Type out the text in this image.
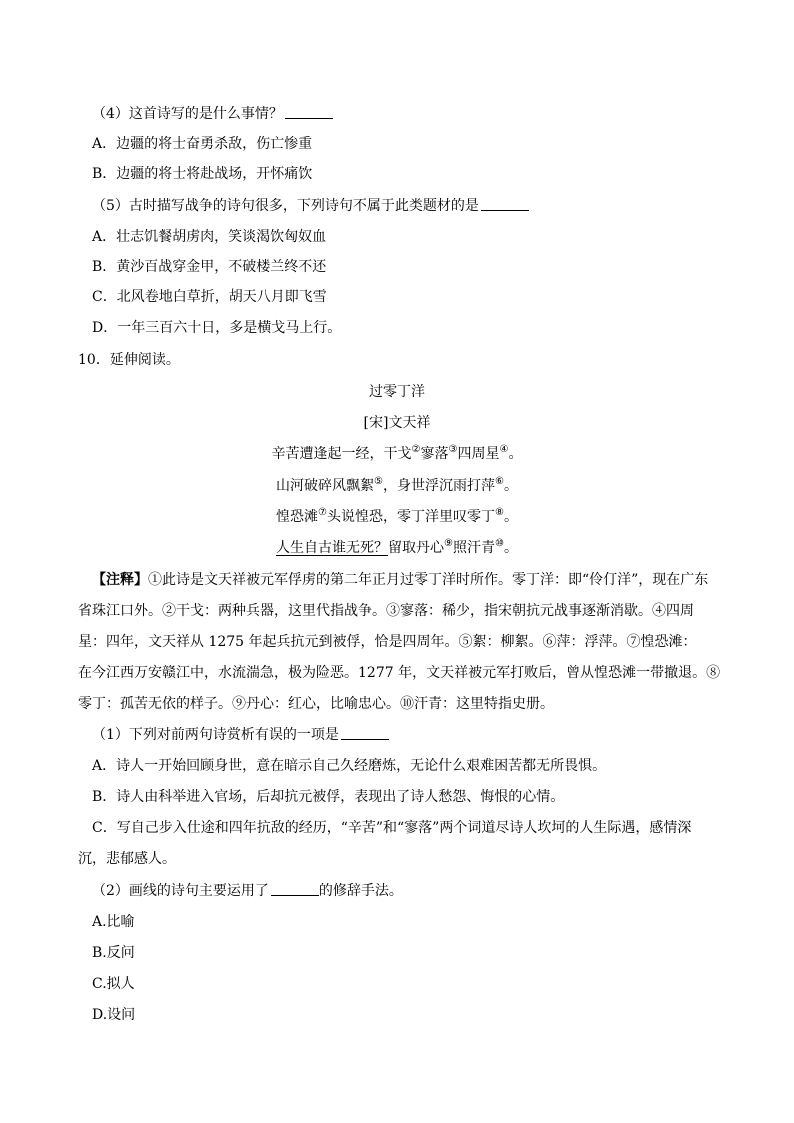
（4）这首诗写的是什么事情？
A．边疆的将士奋勇杀敌，伤亡惨重
B．边疆的将士将赴战场，开怀痛饮
（5）古时描写战争的诗句很多，下列诗句不属于此类题材的是
A．壮志饥餐胡虏肉，笑谈渴饮匈奴血
B．黄沙百战穿金甲，不破楼兰终不还
C．北风卷地白草折，胡天八月即飞雪
D．一年三百六十日，多是横戈马上行。
10．延伸阅读。
过零丁洋
[宋]文天祥
辛苦遭逢起一经，干戈②寥落③四周星④。
山河破碎风飘絮⑤，身世浮沉雨打萍⑥。
惶恐滩⑦头说惶恐，零丁洋里叹零丁⑧。
人生自古谁无死？留取丹心⑨照汗青⑩。
【注释】①此诗是文天祥被元军俘虏的第二年正月过零丁洋时所作。零丁洋：即“伶仃洋”，现在广东
省珠江口外。②干戈：两种兵器，这里代指战争。③寥落：稀少，指宋朝抗元战事逐渐消歇。④四周
星：四年，文天祥从 1275 年起兵抗元到被俘，恰是四周年。⑤絮：柳絮。⑥萍：浮萍。⑦惶恐滩：
在今江西万安赣江中，水流湍急，极为险恶。1277 年，文天祥被元军打败后，曾从惶恐滩一带撤退。⑧
零丁：孤苦无依的样子。⑨丹心：红心，比喻忠心。⑩汗青：这里特指史册。
（1）下列对前两句诗赏析有误的一项是
A．诗人一开始回顾身世，意在暗示自己久经磨炼，无论什么艰难困苦都无所畏惧。
B．诗人由科举进入官场，后却抗元被俘，表现出了诗人愁怨、悔恨的心情。
C．写自己步入仕途和四年抗敌的经历，“辛苦”和“寥落”两个词道尽诗人坎坷的人生际遇，感情深
沉，悲郁感人。
（2）画线的诗句主要运用了	的修辞手法。
A.比喻
B.反问
C.拟人
D.设问
